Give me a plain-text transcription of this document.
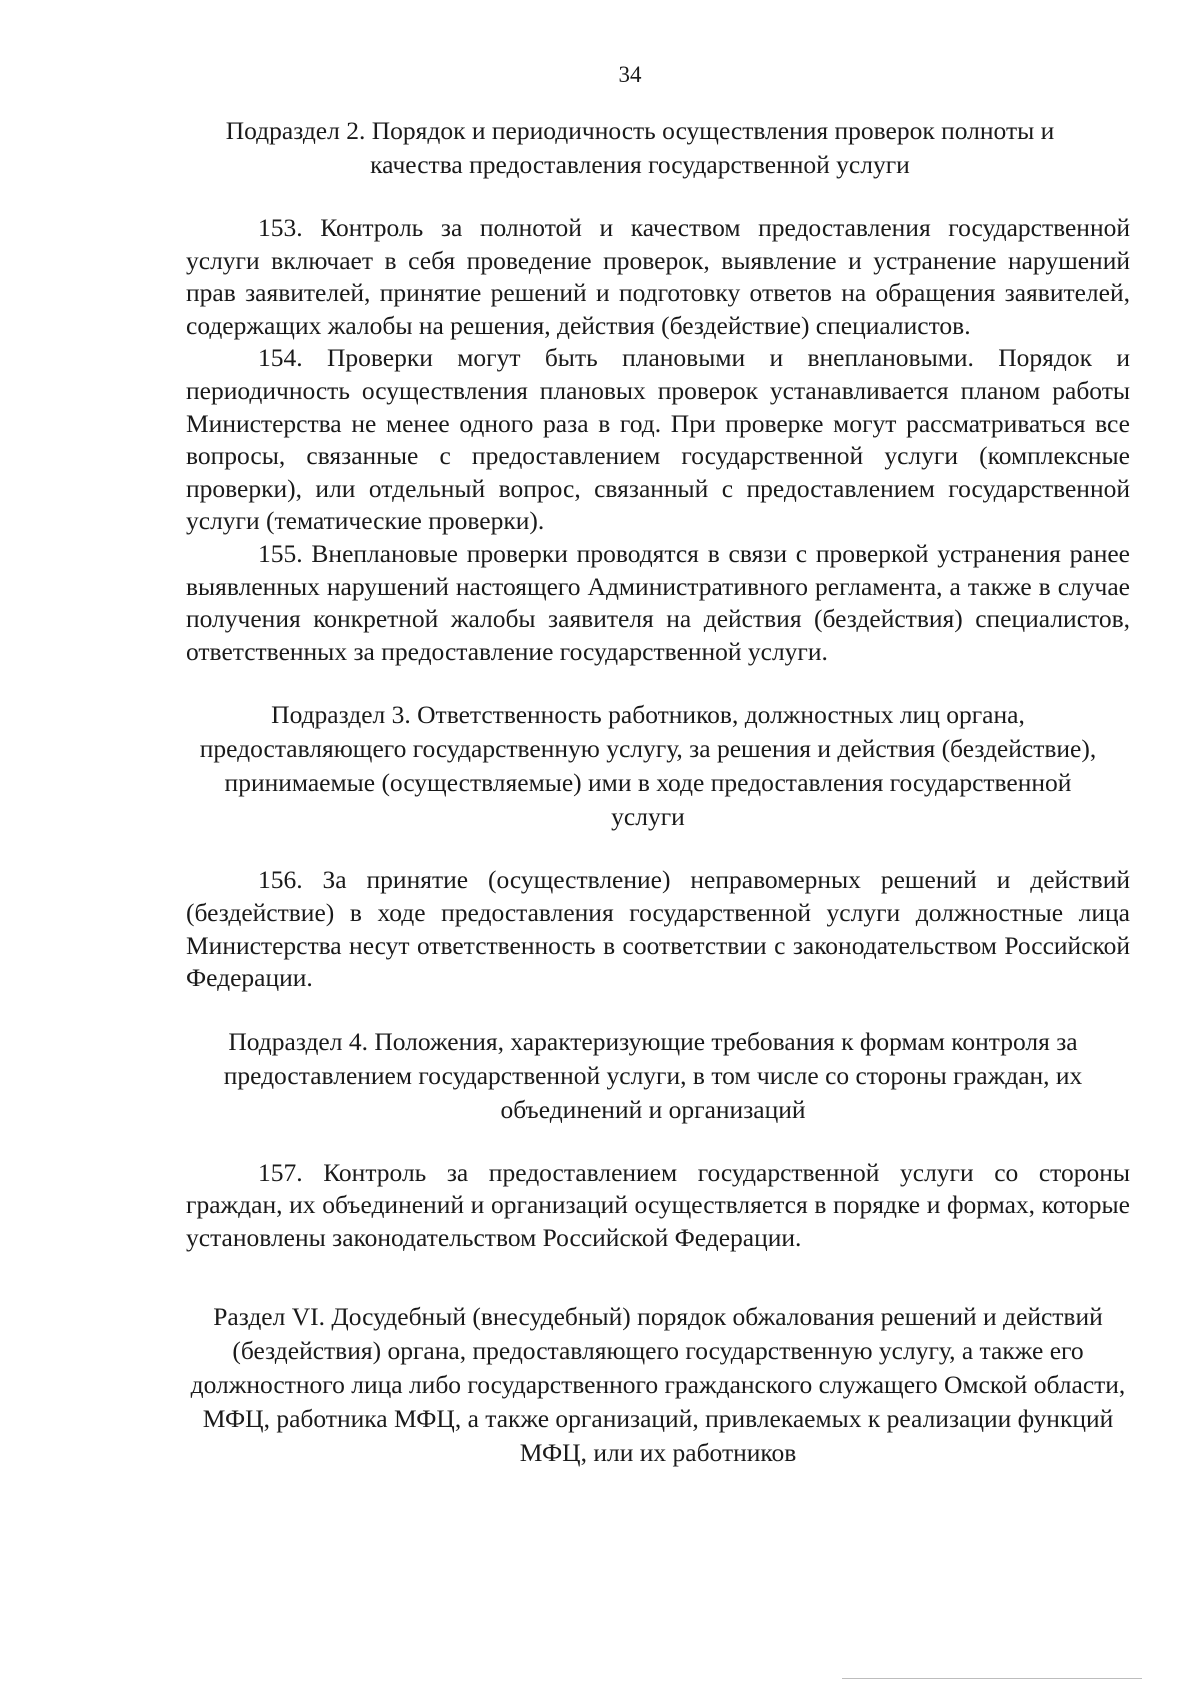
34
Подраздел 2. Порядок и периодичность осуществления проверок полноты и качества предоставления государственной услуги

153. Контроль за полнотой и качеством предоставления государственной услуги включает в себя проведение проверок, выявление и устранение нарушений прав заявителей, принятие решений и подготовку ответов на обращения заявителей, содержащих жалобы на решения, действия (бездействие) специалистов.

154. Проверки могут быть плановыми и внеплановыми. Порядок и периодичность осуществления плановых проверок устанавливается планом работы Министерства не менее одного раза в год. При проверке могут рассматриваться все вопросы, связанные с предоставлением государственной услуги (комплексные проверки), или отдельный вопрос, связанный с предоставлением государственной услуги (тематические проверки).

155. Внеплановые проверки проводятся в связи с проверкой устранения ранее выявленных нарушений настоящего Административного регламента, а также в случае получения конкретной жалобы заявителя на действия (бездействия) специалистов, ответственных за предоставление государственной услуги.

Подраздел 3. Ответственность работников, должностных лиц органа, предоставляющего государственную услугу, за решения и действия (бездействие), принимаемые (осуществляемые) ими в ходе предоставления государственной услуги

156. За принятие (осуществление) неправомерных решений и действий (бездействие) в ходе предоставления государственной услуги должностные лица Министерства несут ответственность в соответствии с законодательством Российской Федерации.

Подраздел 4. Положения, характеризующие требования к формам контроля за предоставлением государственной услуги, в том числе со стороны граждан, их объединений и организаций

157. Контроль за предоставлением государственной услуги со стороны граждан, их объединений и организаций осуществляется в порядке и формах, которые установлены законодательством Российской Федерации.

Раздел VI. Досудебный (внесудебный) порядок обжалования решений и действий (бездействия) органа, предоставляющего государственную услугу, а также его должностного лица либо государственного гражданского служащего Омской области, МФЦ, работника МФЦ, а также организаций, привлекаемых к реализации функций МФЦ, или их работников
